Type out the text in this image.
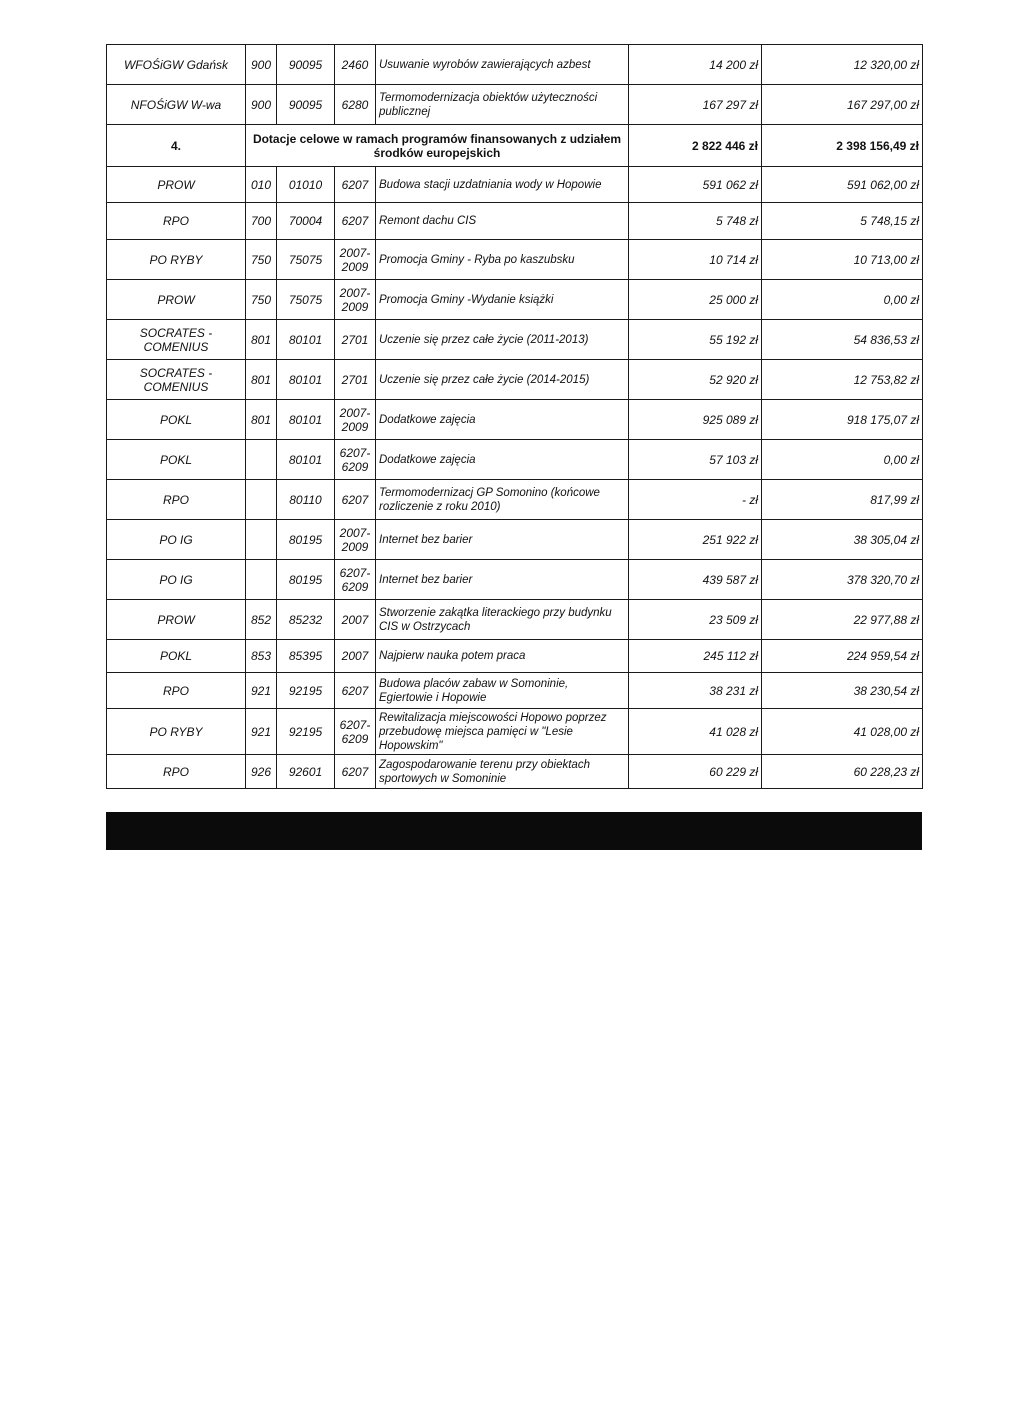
WFOŚiGW Gdańsk	900	90095	2460	Usuwanie wyrobów zawierających azbest	14 200 zł	12 320,00 zł
NFOŚiGW W-wa	900	90095	6280	Termomodernizacja obiektów użyteczności publicznej	167 297 zł	167 297,00 zł
4.	Dotacje celowe w ramach programów finansowanych z udziałem środków europejskich				2 822 446 zł	2 398 156,49 zł
PROW	010	01010	6207	Budowa stacji uzdatniania wody w Hopowie	591 062 zł	591 062,00 zł
RPO	700	70004	6207	Remont dachu CIS	5 748 zł	5 748,15 zł
PO RYBY	750	75075	2007-2009	Promocja Gminy - Ryba po kaszubsku	10 714 zł	10 713,00 zł
PROW	750	75075	2007-2009	Promocja Gminy -Wydanie książki	25 000 zł	0,00 zł
SOCRATES - COMENIUS	801	80101	2701	Uczenie się przez całe życie (2011-2013)	55 192 zł	54 836,53 zł
SOCRATES - COMENIUS	801	80101	2701	Uczenie się przez całe życie (2014-2015)	52 920 zł	12 753,82 zł
POKL	801	80101	2007-2009	Dodatkowe zajęcia	925 089 zł	918 175,07 zł
POKL		80101	6207-6209	Dodatkowe zajęcia	57 103 zł	0,00 zł
RPO		80110	6207	Termomodernizacj GP Somonino (końcowe rozliczenie z roku 2010)	- zł	817,99 zł
PO IG		80195	2007-2009	Internet bez barier	251 922 zł	38 305,04 zł
PO IG		80195	6207-6209	Internet bez barier	439 587 zł	378 320,70 zł
PROW	852	85232	2007	Stworzenie zakątka literackiego przy budynku CIS w Ostrzycach	23 509 zł	22 977,88 zł
POKL	853	85395	2007	Najpierw nauka potem praca	245 112 zł	224 959,54 zł
RPO	921	92195	6207	Budowa placów zabaw w Somoninie, Egiertowie i Hopowie	38 231 zł	38 230,54 zł
PO RYBY	921	92195	6207-6209	Rewitalizacja miejscowości Hopowo poprzez przebudowę miejsca pamięci w "Lesie Hopowskim"	41 028 zł	41 028,00 zł
RPO	926	92601	6207	Zagospodarowanie terenu przy obiektach sportowych w Somoninie	60 229 zł	60 228,23 zł
